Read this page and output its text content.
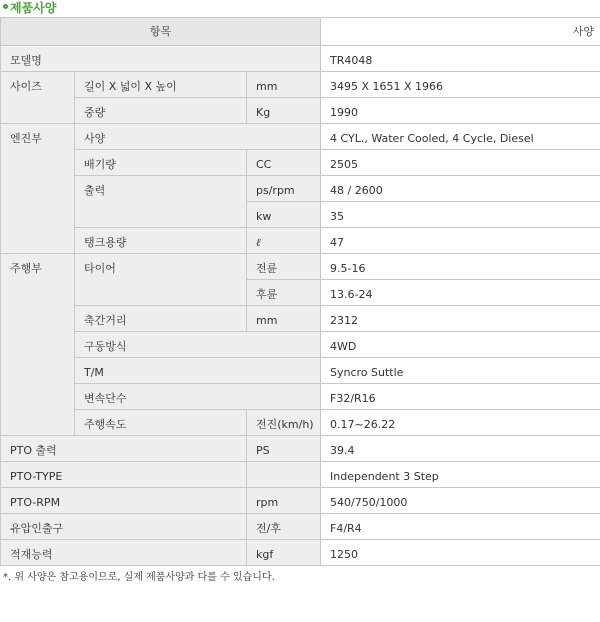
제품사양
항목			사양
모델명			TR4048
사이즈	길이 X 넓이 X 높이	mm	3495 X 1651 X 1966
	중량	Kg	1990
엔진부	사양		4 CYL., Water Cooled, 4 Cycle, Diesel
	배기량	CC	2505
	출력	ps/rpm	48 / 2600
		kw	35
	탱크용량	ℓ	47
주행부	타이어	전륜	9.5-16
		후륜	13.6-24
	축간거리	mm	2312
	구동방식		4WD
	T/M		Syncro Suttle
	변속단수		F32/R16
	주행속도	전진(km/h)	0.17~26.22
PTO 출력		PS	39.4
PTO-TYPE			Independent 3 Step
PTO-RPM		rpm	540/750/1000
유압인출구		전/후	F4/R4
적재능력		kgf	1250
*. 위 사양은 참고용이므로, 실제 제품사양과 다를 수 있습니다.
